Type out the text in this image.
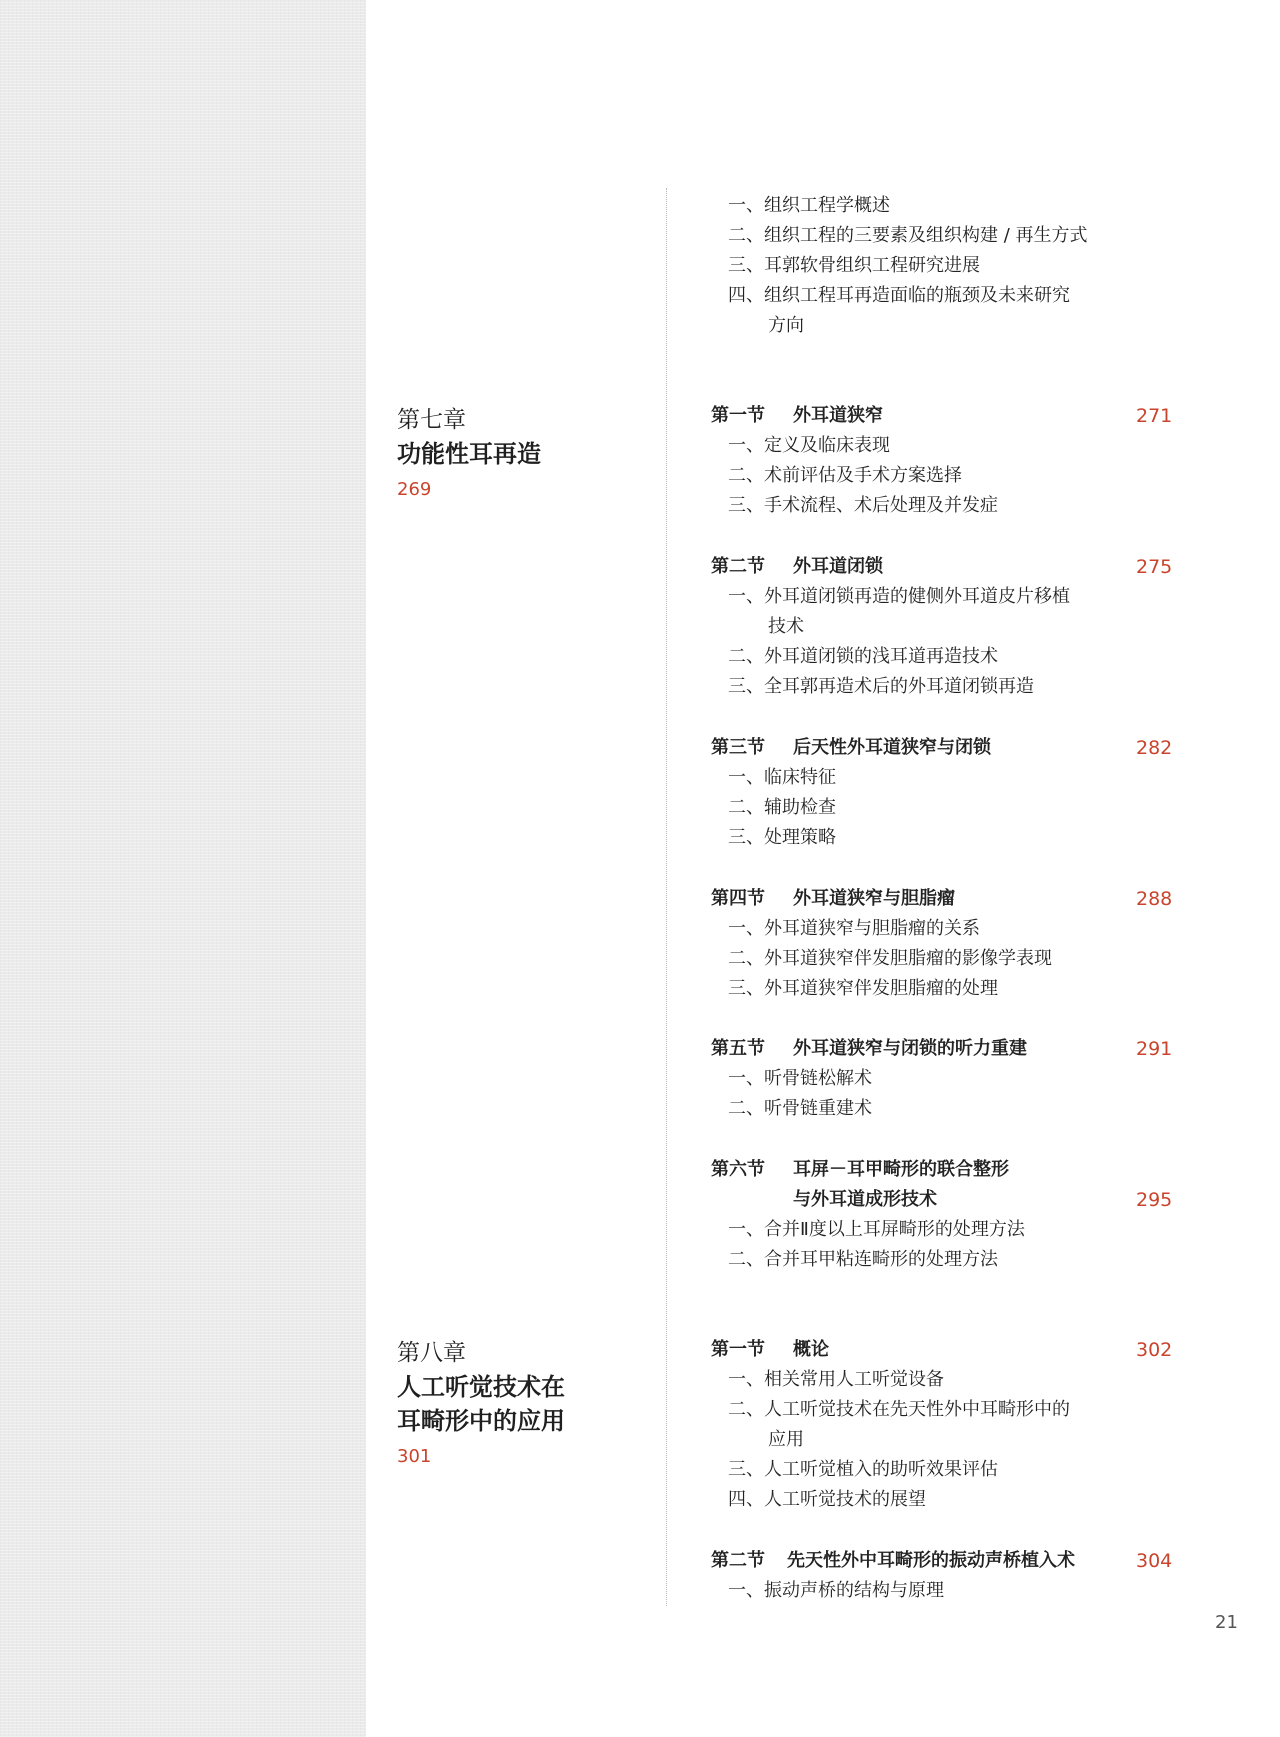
一、组织工程学概述
二、组织工程的三要素及组织构建 / 再生方式
三、耳郭软骨组织工程研究进展
四、组织工程耳再造面临的瓶颈及未来研究
方向
第七章
功能性耳再造
269
第一节 外耳道狭窄	271
一、定义及临床表现
二、术前评估及手术方案选择
三、手术流程、术后处理及并发症
第二节 外耳道闭锁	275
一、外耳道闭锁再造的健侧外耳道皮片移植
技术
二、外耳道闭锁的浅耳道再造技术
三、全耳郭再造术后的外耳道闭锁再造
第三节 后天性外耳道狭窄与闭锁	282
一、临床特征
二、辅助检查
三、处理策略
第四节 外耳道狭窄与胆脂瘤	288
一、外耳道狭窄与胆脂瘤的关系
二、外耳道狭窄伴发胆脂瘤的影像学表现
三、外耳道狭窄伴发胆脂瘤的处理
第五节 外耳道狭窄与闭锁的听力重建	291
一、听骨链松解术
二、听骨链重建术
第六节 耳屏－耳甲畸形的联合整形
与外耳道成形技术	295
一、合并Ⅱ度以上耳屏畸形的处理方法
二、合并耳甲粘连畸形的处理方法
第八章
人工听觉技术在
耳畸形中的应用
301
第一节 概论	302
一、相关常用人工听觉设备
二、人工听觉技术在先天性外中耳畸形中的
应用
三、人工听觉植入的助听效果评估
四、人工听觉技术的展望
第二节 先天性外中耳畸形的振动声桥植入术	304
一、振动声桥的结构与原理
21
